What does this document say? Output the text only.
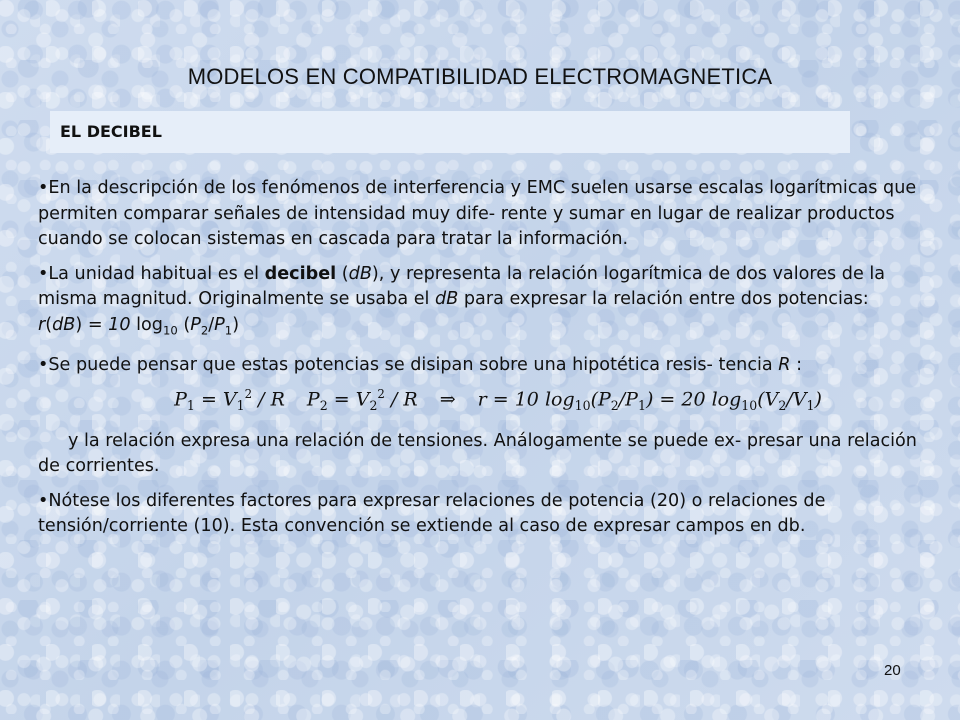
MODELOS EN COMPATIBILIDAD ELECTROMAGNETICA
EL DECIBEL

•En la descripción de los fenómenos de interferencia y EMC suelen usarse escalas logarítmicas que permiten comparar señales de intensidad muy dife- rente y sumar en lugar de realizar productos cuando se colocan sistemas en cascada para tratar la información.

•La unidad habitual es el decibel (dB), y representa la relación logarítmica de dos valores de la misma magnitud. Originalmente se usaba el dB para expresar la relación entre dos potencias: r(dB) = 10 $\log_{10} (P_2/P_1)$

•Se puede pensar que estas potencias se disipan sobre una hipotética resis- tencia R :

$P_1 = V_1^2 / R$ $P_2 = V_2^2 / R$ ⇒ r = 10 $\log_{10}(P_2/P_1) = 20$ $\log_{10}(V_2/V_1)$

y la relación expresa una relación de tensiones. Análogamente se puede ex- presar una relación de corrientes.

•Nótese los diferentes factores para expresar relaciones de potencia (20) o relaciones de tensión/corriente (10). Esta convención se extiende al caso de expresar campos en db.

20
